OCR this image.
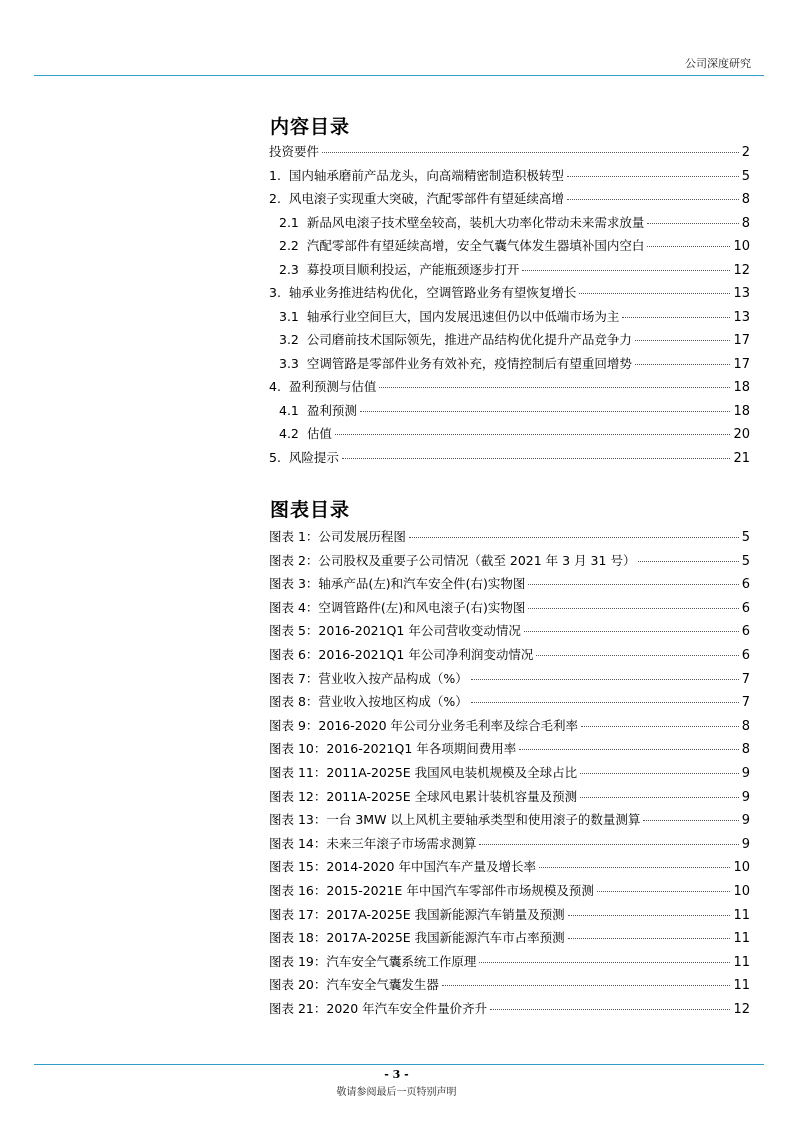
公司深度研究
内容目录
投资要件	2
1. 国内轴承磨前产品龙头，向高端精密制造积极转型	5
2. 风电滚子实现重大突破，汽配零部件有望延续高增	8
2.1 新品风电滚子技术壁垒较高，装机大功率化带动未来需求放量	8
2.2 汽配零部件有望延续高增，安全气囊气体发生器填补国内空白	10
2.3 募投项目顺利投运，产能瓶颈逐步打开	12
3. 轴承业务推进结构优化，空调管路业务有望恢复增长	13
3.1 轴承行业空间巨大，国内发展迅速但仍以中低端市场为主	13
3.2 公司磨前技术国际领先，推进产品结构优化提升产品竞争力	17
3.3 空调管路是零部件业务有效补充，疫情控制后有望重回增势	17
4. 盈利预测与估值	18
4.1 盈利预测	18
4.2 估值	20
5. 风险提示	21
图表目录
图表 1：公司发展历程图	5
图表 2：公司股权及重要子公司情况（截至 2021 年 3 月 31 号）	5
图表 3：轴承产品(左)和汽车安全件(右)实物图	6
图表 4：空调管路件(左)和风电滚子(右)实物图	6
图表 5：2016-2021Q1 年公司营收变动情况	6
图表 6：2016-2021Q1 年公司净利润变动情况	6
图表 7：营业收入按产品构成（%）	7
图表 8：营业收入按地区构成（%）	7
图表 9：2016-2020 年公司分业务毛利率及综合毛利率	8
图表 10：2016-2021Q1 年各项期间费用率	8
图表 11：2011A-2025E 我国风电装机规模及全球占比	9
图表 12：2011A-2025E 全球风电累计装机容量及预测	9
图表 13：一台 3MW 以上风机主要轴承类型和使用滚子的数量测算	9
图表 14：未来三年滚子市场需求测算	9
图表 15：2014-2020 年中国汽车产量及增长率	10
图表 16：2015-2021E 年中国汽车零部件市场规模及预测	10
图表 17：2017A-2025E 我国新能源汽车销量及预测	11
图表 18：2017A-2025E 我国新能源汽车市占率预测	11
图表 19：汽车安全气囊系统工作原理	11
图表 20：汽车安全气囊发生器	11
图表 21：2020 年汽车安全件量价齐升	12
- 3 -
敬请参阅最后一页特别声明
